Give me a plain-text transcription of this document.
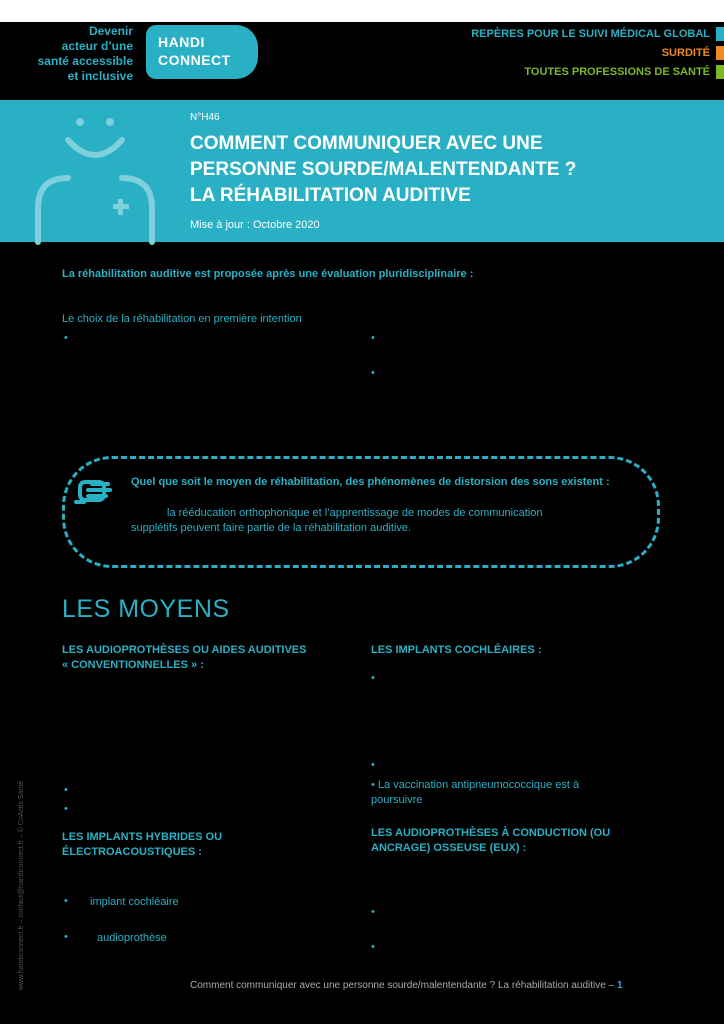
Devenir
acteur d’une
santé accessible
et inclusive
HANDI
CONNECT
REPÈRES POUR LE SUIVI MÉDICAL GLOBAL
SURDITÉ
TOUTES PROFESSIONS DE SANTÉ
N°H46
COMMENT COMMUNIQUER AVEC UNE
PERSONNE SOURDE/MALENTENDANTE ?
LA RÉHABILITATION AUDITIVE
Mise à jour : Octobre 2020
La réhabilitation auditive est proposée après une évaluation pluridisciplinaire :
Le choix de la réhabilitation en première intention
•	•
•
Quel que soit le moyen de réhabilitation, des phénomènes de distorsion des sons existent :
la rééducation orthophonique et l’apprentissage de modes de communication
supplétifs peuvent faire partie de la réhabilitation auditive.
LES MOYENS
LES AUDIOPROTHÈSES OU AIDES AUDITIVES
« CONVENTIONNELLES » :
LES IMPLANTS COCHLÉAIRES :
•
•
• La vaccination antipneumococcique est à
poursuivre
•
•
LES IMPLANTS HYBRIDES OU
ÉLECTROACOUSTIQUES :
LES AUDIOPROTHÈSES À CONDUCTION (OU
ANCRAGE) OSSEUSE (EUX) :
• implant cochléaire
•	audioprothèse
•
•
www.handiconnect.fr – contact@handiconnect.fr – © CoActis Santé	Comment communiquer avec une personne sourde/malentendante ? La réhabilitation auditive – 1
